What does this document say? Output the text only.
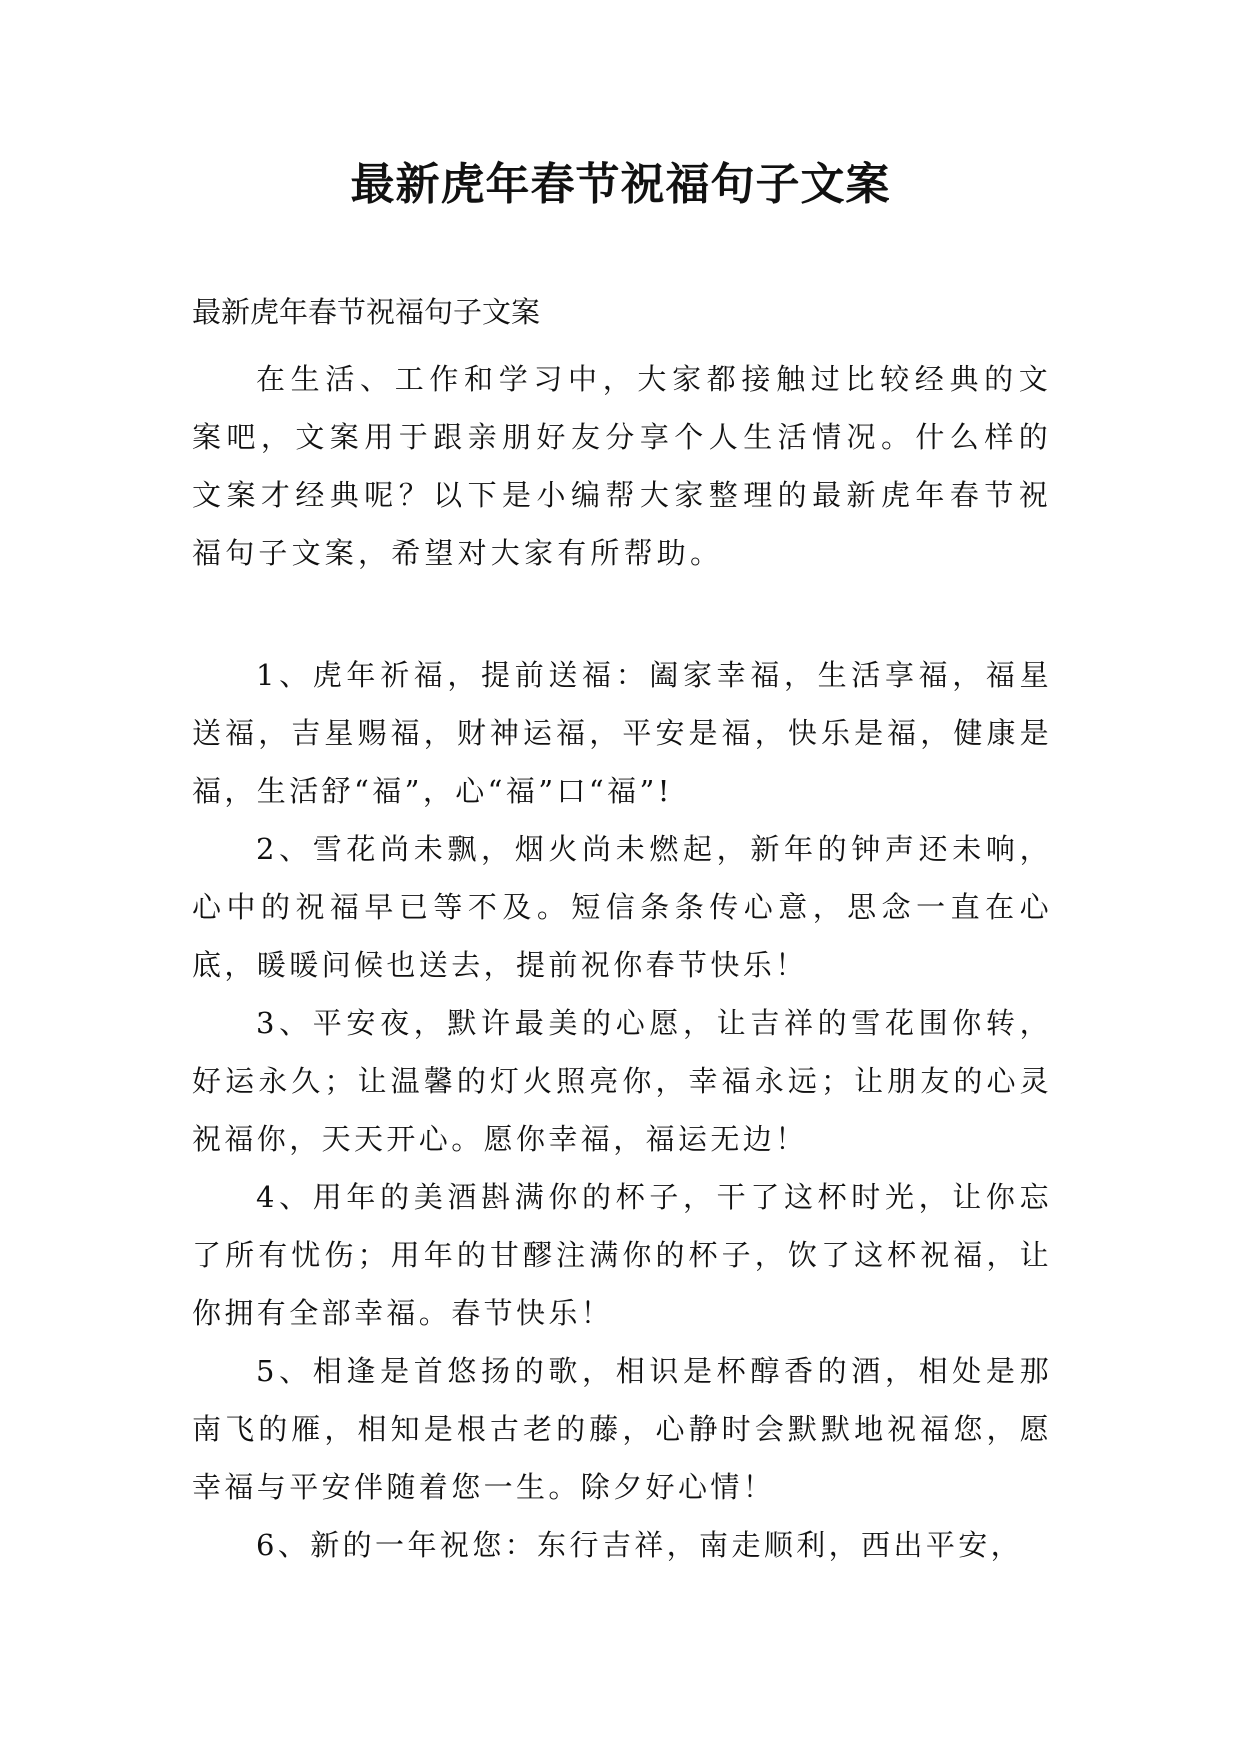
最新虎年春节祝福句子文案

最新虎年春节祝福句子文案

在生活、工作和学习中，大家都接触过比较经典的文案吧，文案用于跟亲朋好友分享个人生活情况。什么样的文案才经典呢？以下是小编帮大家整理的最新虎年春节祝福句子文案，希望对大家有所帮助。

1、虎年祈福，提前送福：阖家幸福，生活享福，福星送福，吉星赐福，财神运福，平安是福，快乐是福，健康是福，生活舒“福”，心“福”口“福”!

2、雪花尚未飘，烟火尚未燃起，新年的钟声还未响，心中的祝福早已等不及。短信条条传心意，思念一直在心底，暖暖问候也送去，提前祝你春节快乐！

3、平安夜，默许最美的心愿，让吉祥的雪花围你转，好运永久；让温馨的灯火照亮你，幸福永远；让朋友的心灵祝福你，天天开心。愿你幸福，福运无边！

4、用年的美酒斟满你的杯子，干了这杯时光，让你忘了所有忧伤；用年的甘醪注满你的杯子，饮了这杯祝福，让你拥有全部幸福。春节快乐！

5、相逢是首悠扬的歌，相识是杯醇香的酒，相处是那南飞的雁，相知是根古老的藤，心静时会默默地祝福您，愿幸福与平安伴随着您一生。除夕好心情！

6、新的一年祝您：东行吉祥，南走顺利，西出平安，
